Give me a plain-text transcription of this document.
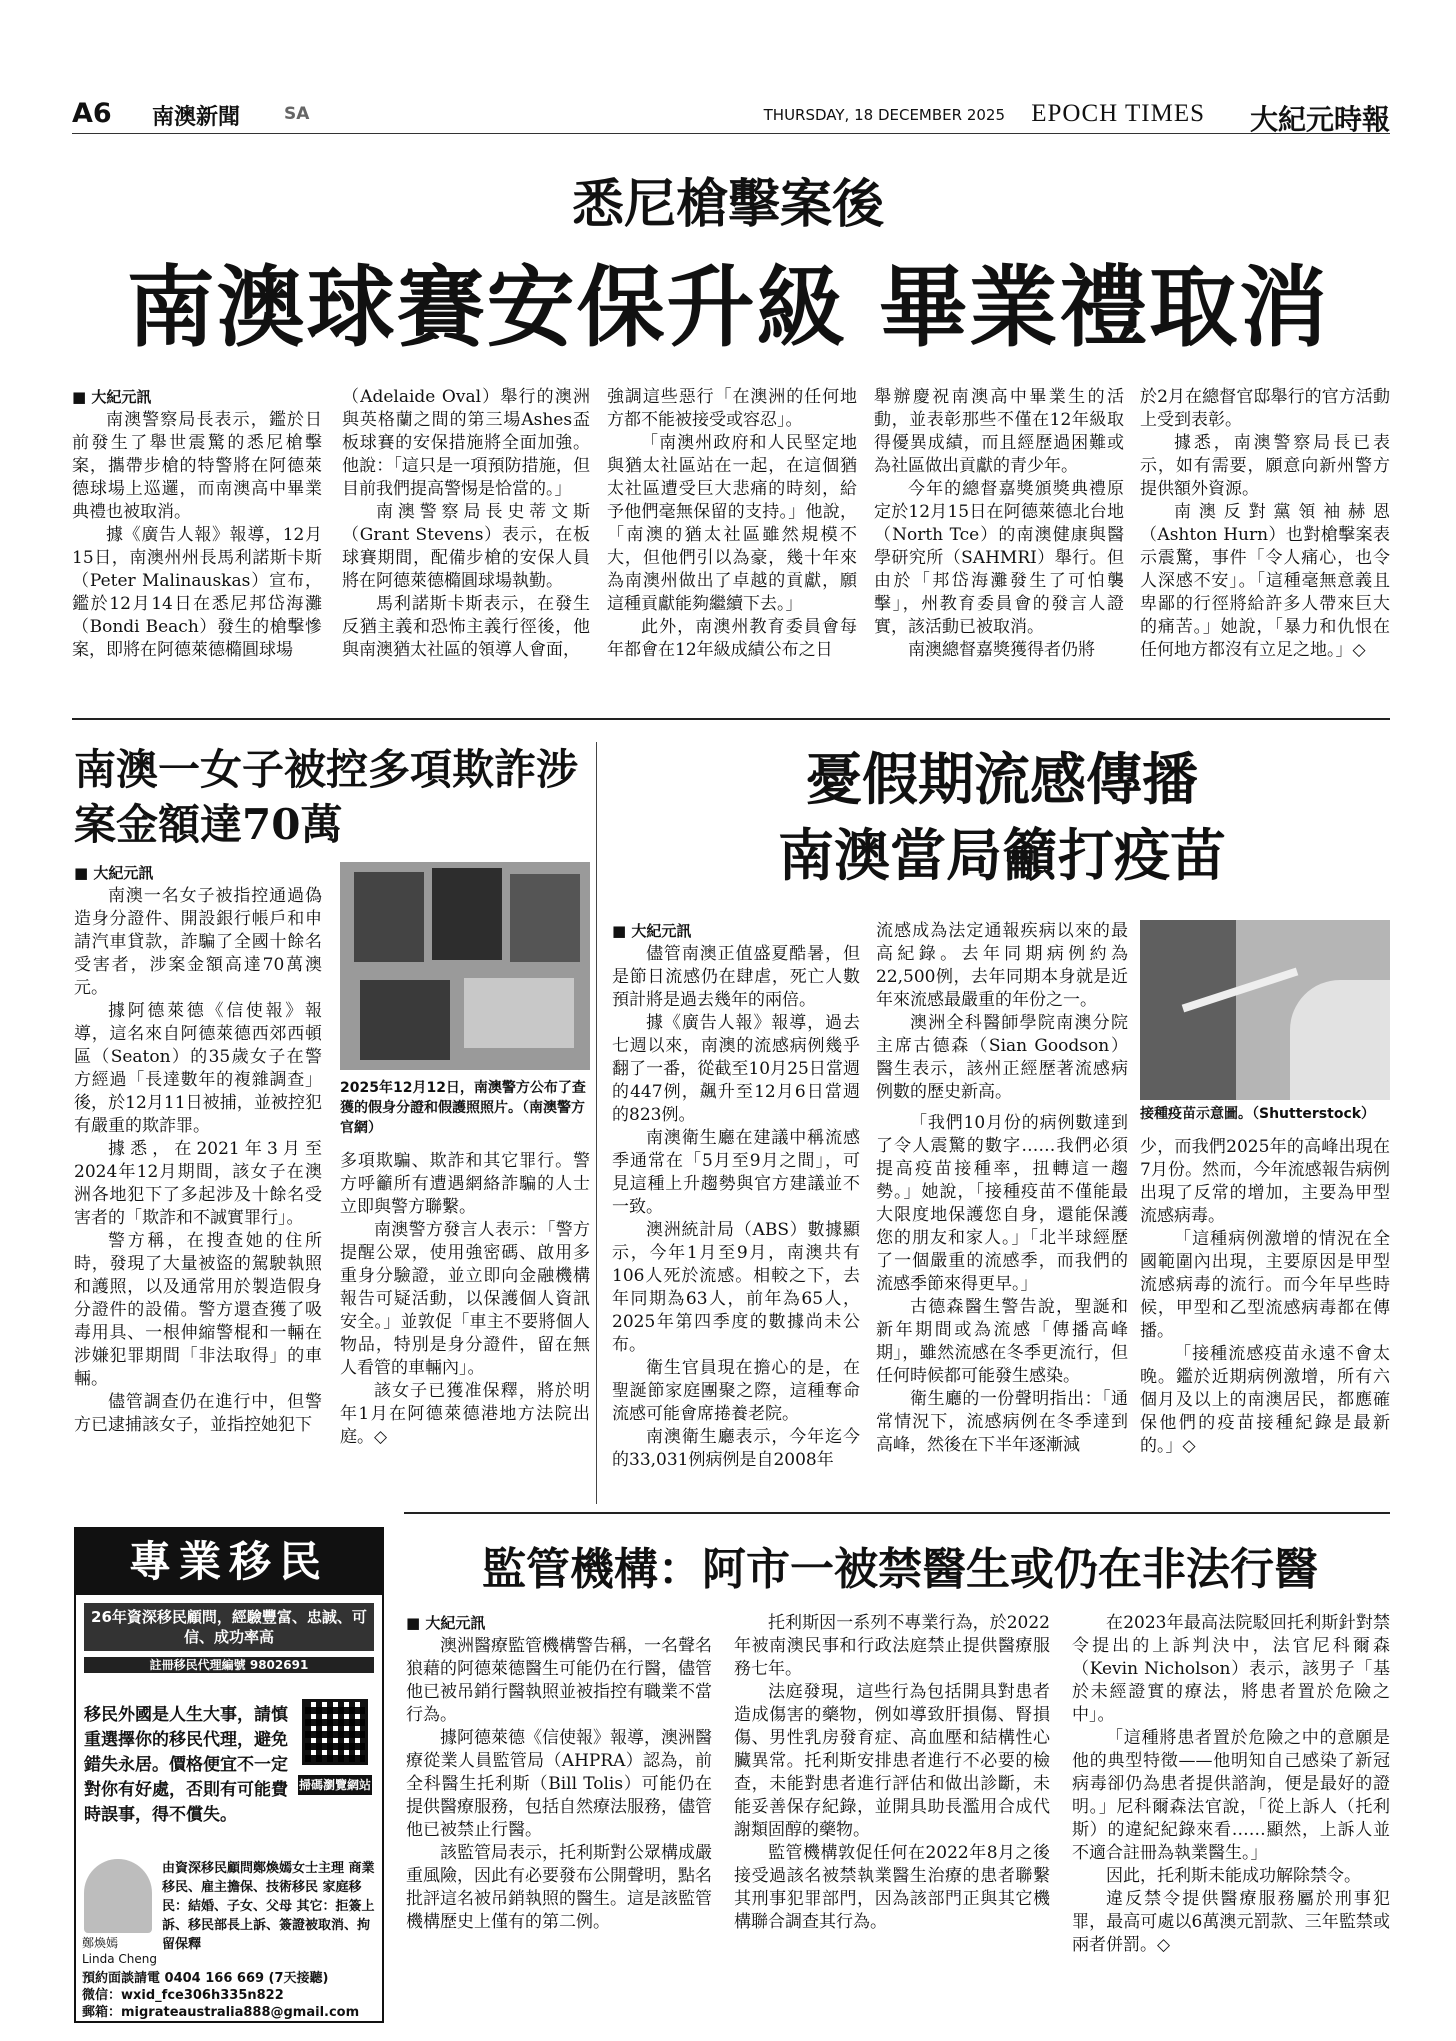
A6 南澳新聞	SA	THURSDAY, 18 DECEMBER 2025 EPOCH TIMES 大紀元時報
悉尼槍擊案後
南澳球賽安保升級 畢業禮取消

■ 大紀元訊

南澳警察局長表示，鑑於日前發生了舉世震驚的悉尼槍擊案，攜帶步槍的特警將在阿德萊德球場上巡邏，而南澳高中畢業典禮也被取消。

據《廣告人報》報導，12月15日，南澳州州長馬利諾斯卡斯（Peter Malinauskas）宣布，鑑於12月14日在悉尼邦岱海灘（Bondi Beach）發生的槍擊慘案，即將在阿德萊德橢圓球場

（Adelaide Oval）舉行的澳洲與英格蘭之間的第三場Ashes盃板球賽的安保措施將全面加強。他說：「這只是一項預防措施，但目前我們提高警惕是恰當的。」

南澳警察局長史蒂文斯（Grant Stevens）表示，在板球賽期間，配備步槍的安保人員將在阿德萊德橢圓球場執勤。

馬利諾斯卡斯表示，在發生反猶主義和恐怖主義行徑後，他與南澳猶太社區的領導人會面，

強調這些惡行「在澳洲的任何地方都不能被接受或容忍」。

「南澳州政府和人民堅定地與猶太社區站在一起，在這個猶太社區遭受巨大悲痛的時刻，給予他們毫無保留的支持。」他說，「南澳的猶太社區雖然規模不大，但他們引以為豪，幾十年來為南澳州做出了卓越的貢獻，願這種貢獻能夠繼續下去。」

此外，南澳州教育委員會每年都會在12年級成績公布之日

舉辦慶祝南澳高中畢業生的活動，並表彰那些不僅在12年級取得優異成績，而且經歷過困難或為社區做出貢獻的青少年。

今年的總督嘉獎頒獎典禮原定於12月15日在阿德萊德北台地（North Tce）的南澳健康與醫學研究所（SAHMRI）舉行。但由於「邦岱海灘發生了可怕襲擊」，州教育委員會的發言人證實，該活動已被取消。

南澳總督嘉獎獲得者仍將

於2月在總督官邸舉行的官方活動上受到表彰。

據悉，南澳警察局長已表示，如有需要，願意向新州警方提供額外資源。

南澳反對黨領袖赫恩（Ashton Hurn）也對槍擊案表示震驚，事件「令人痛心，也令人深感不安」。「這種毫無意義且卑鄙的行徑將給許多人帶來巨大的痛苦。」她說，「暴力和仇恨在任何地方都沒有立足之地。」◇

南澳一女子被控多項欺詐涉案金額達70萬

■ 大紀元訊

南澳一名女子被指控通過偽造身分證件、開設銀行帳戶和申請汽車貸款，詐騙了全國十餘名受害者，涉案金額高達70萬澳元。

據阿德萊德《信使報》報導，這名來自阿德萊德西郊西頓區（Seaton）的35歲女子在警方經過「長達數年的複雜調查」後，於12月11日被捕，並被控犯有嚴重的欺詐罪。

據悉，在2021年3月至2024年12月期間，該女子在澳洲各地犯下了多起涉及十餘名受害者的「欺詐和不誠實罪行」。

警方稱，在搜查她的住所時，發現了大量被盜的駕駛執照和護照，以及通常用於製造假身分證件的設備。警方還查獲了吸毒用具、一根伸縮警棍和一輛在涉嫌犯罪期間「非法取得」的車輛。

儘管調查仍在進行中，但警方已逮捕該女子，並指控她犯下

2025年12月12日，南澳警方公布了查獲的假身分證和假護照照片。（南澳警方官網）

多項欺騙、欺詐和其它罪行。警方呼籲所有遭遇網絡詐騙的人士立即與警方聯繫。

南澳警方發言人表示：「警方提醒公眾，使用強密碼、啟用多重身分驗證，並立即向金融機構報告可疑活動，以保護個人資訊安全。」並敦促「車主不要將個人物品，特別是身分證件，留在無人看管的車輛內」。

該女子已獲准保釋，將於明年1月在阿德萊德港地方法院出庭。◇

憂假期流感傳播
南澳當局籲打疫苗

■ 大紀元訊

儘管南澳正值盛夏酷暑，但是節日流感仍在肆虐，死亡人數預計將是過去幾年的兩倍。

據《廣告人報》報導，過去七週以來，南澳的流感病例幾乎翻了一番，從截至10月25日當週的447例，飆升至12月6日當週的823例。

南澳衛生廳在建議中稱流感季通常在「5月至9月之間」，可見這種上升趨勢與官方建議並不一致。

澳洲統計局（ABS）數據顯示，今年1月至9月，南澳共有106人死於流感。相較之下，去年同期為63人，前年為65人，2025年第四季度的數據尚未公布。

衛生官員現在擔心的是，在聖誕節家庭團聚之際，這種奪命流感可能會席捲養老院。

南澳衛生廳表示，今年迄今的33,031例病例是自2008年

流感成為法定通報疾病以來的最高紀錄。去年同期病例約為22,500例，去年同期本身就是近年來流感最嚴重的年份之一。

澳洲全科醫師學院南澳分院主席古德森（Sian Goodson）醫生表示，該州正經歷著流感病例數的歷史新高。

接種疫苗示意圖。（Shutterstock）

「我們10月份的病例數達到了令人震驚的數字……我們必須提高疫苗接種率，扭轉這一趨勢。」她說，「接種疫苗不僅能最大限度地保護您自身，還能保護您的朋友和家人。」「北半球經歷了一個嚴重的流感季，而我們的流感季節來得更早。」

古德森醫生警告說，聖誕和新年期間或為流感「傳播高峰期」，雖然流感在冬季更流行，但任何時候都可能發生感染。

衛生廳的一份聲明指出：「通常情況下，流感病例在冬季達到高峰，然後在下半年逐漸減

少，而我們2025年的高峰出現在7月份。然而，今年流感報告病例出現了反常的增加，主要為甲型流感病毒。

「這種病例激增的情況在全國範圍內出現，主要原因是甲型流感病毒的流行。而今年早些時候，甲型和乙型流感病毒都在傳播。

「接種流感疫苗永遠不會太晚。鑑於近期病例激增，所有六個月及以上的南澳居民，都應確保他們的疫苗接種紀錄是最新的。」◇

專業移民
26年資深移民顧問，經驗豐富、忠誠、可信、成功率高
註冊移民代理編號 9802691
移民外國是人生大事，請慎重選擇你的移民代理，避免錯失永居。價格便宜不一定對你有好處，否則有可能費時誤事，得不償失。
掃碼瀏覽網站
鄭煥嫣
Linda Cheng
由資深移民顧問鄭煥嫣女士主理 商業移民、雇主擔保、技術移民 家庭移民：結婚、子女、父母 其它：拒簽上訴、移民部長上訴、簽證被取消、拘留保釋
預約面談請電 0404 166 669 (7天接聽)
微信：wxid_fce306h335n822
郵箱：migrateaustralia888@gmail.com
監管機構：阿市一被禁醫生或仍在非法行醫

■ 大紀元訊

澳洲醫療監管機構警告稱，一名聲名狼藉的阿德萊德醫生可能仍在行醫，儘管他已被吊銷行醫執照並被指控有職業不當行為。

據阿德萊德《信使報》報導，澳洲醫療從業人員監管局（AHPRA）認為，前全科醫生托利斯（Bill Tolis）可能仍在提供醫療服務，包括自然療法服務，儘管他已被禁止行醫。

該監管局表示，托利斯對公眾構成嚴重風險，因此有必要發布公開聲明，點名批評這名被吊銷執照的醫生。這是該監管機構歷史上僅有的第二例。

托利斯因一系列不專業行為，於2022年被南澳民事和行政法庭禁止提供醫療服務七年。

法庭發現，這些行為包括開具對患者造成傷害的藥物，例如導致肝損傷、腎損傷、男性乳房發育症、高血壓和結構性心臟異常。托利斯安排患者進行不必要的檢查，未能對患者進行評估和做出診斷，未能妥善保存紀錄，並開具助長濫用合成代謝類固醇的藥物。

監管機構敦促任何在2022年8月之後接受過該名被禁執業醫生治療的患者聯繫其刑事犯罪部門，因為該部門正與其它機構聯合調查其行為。

在2023年最高法院駁回托利斯針對禁令提出的上訴判決中，法官尼科爾森（Kevin Nicholson）表示，該男子「基於未經證實的療法，將患者置於危險之中」。

「這種將患者置於危險之中的意願是他的典型特徵——他明知自己感染了新冠病毒卻仍為患者提供諮詢，便是最好的證明。」尼科爾森法官說，「從上訴人（托利斯）的違紀紀錄來看……顯然，上訴人並不適合註冊為執業醫生。」

因此，托利斯未能成功解除禁令。

違反禁令提供醫療服務屬於刑事犯罪，最高可處以6萬澳元罰款、三年監禁或兩者併罰。◇
